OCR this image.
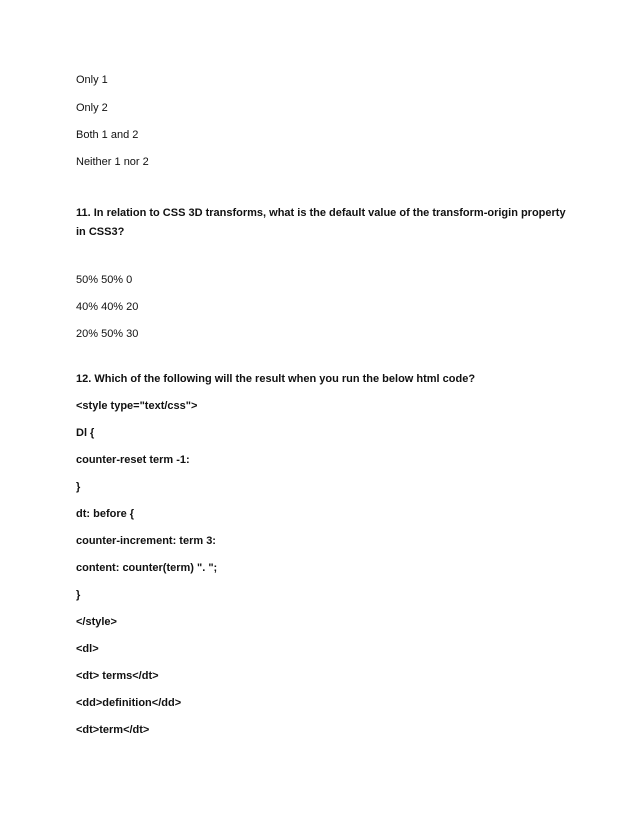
Only 1
Only 2
Both 1 and 2
Neither 1 nor 2
11. In relation to CSS 3D transforms, what is the default value of the transform-origin property in CSS3?
50% 50% 0
40% 40% 20
20% 50% 30
12. Which of the following will the result when you run the below html code?
<style type="text/css">
Dl {
counter-reset term -1:
}
dt: before {
counter-increment: term 3:
content: counter(term) ". ";
}
</style>
<dl>
<dt> terms</dt>
<dd>definition</dd>
<dt>term</dt>
